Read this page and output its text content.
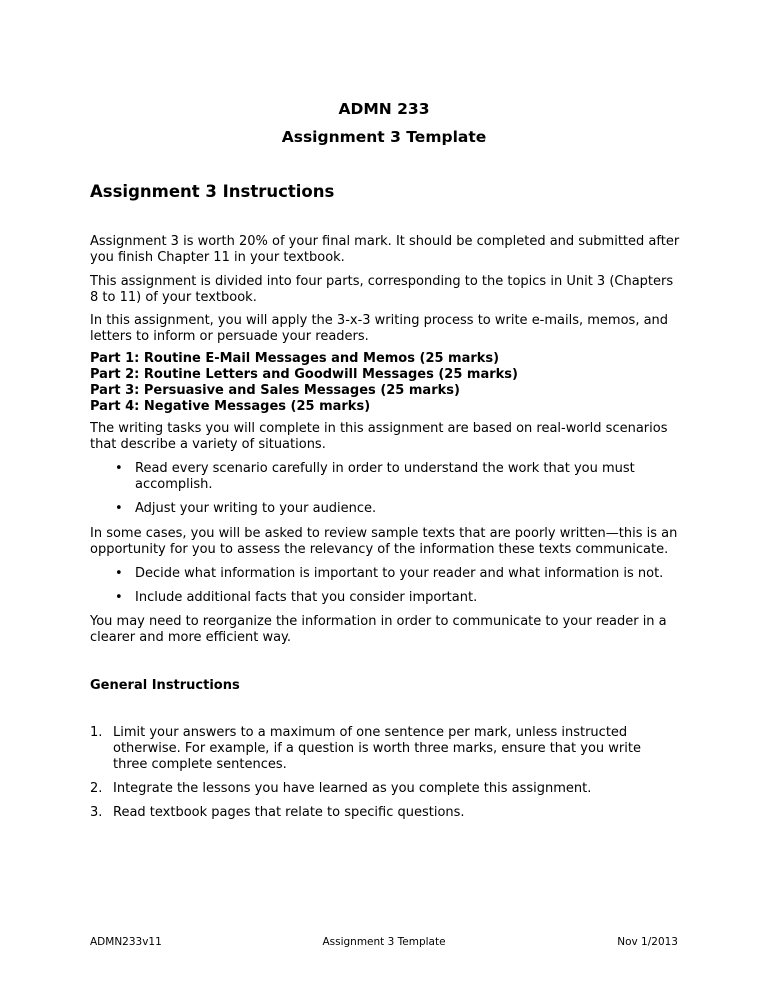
ADMN 233
Assignment 3 Template
Assignment 3 Instructions

Assignment 3 is worth 20% of your final mark. It should be completed and submitted after you finish Chapter 11 in your textbook.

This assignment is divided into four parts, corresponding to the topics in Unit 3 (Chapters 8 to 11) of your textbook.

In this assignment, you will apply the 3-x-3 writing process to write e-mails, memos, and letters to inform or persuade your readers.

Part 1: Routine E-Mail Messages and Memos (25 marks)
Part 2: Routine Letters and Goodwill Messages (25 marks)
Part 3: Persuasive and Sales Messages (25 marks)
Part 4: Negative Messages (25 marks)

The writing tasks you will complete in this assignment are based on real-world scenarios that describe a variety of situations.

• Read every scenario carefully in order to understand the work that you must accomplish.
• Adjust your writing to your audience.

In some cases, you will be asked to review sample texts that are poorly written—this is an opportunity for you to assess the relevancy of the information these texts communicate.

• Decide what information is important to your reader and what information is not.
• Include additional facts that you consider important.

You may need to reorganize the information in order to communicate to your reader in a clearer and more efficient way.

General Instructions
1. Limit your answers to a maximum of one sentence per mark, unless instructed otherwise. For example, if a question is worth three marks, ensure that you write three complete sentences.
2. Integrate the lessons you have learned as you complete this assignment.
3. Read textbook pages that relate to specific questions.
ADMN233v11	Assignment 3 Template	Nov 1/2013
